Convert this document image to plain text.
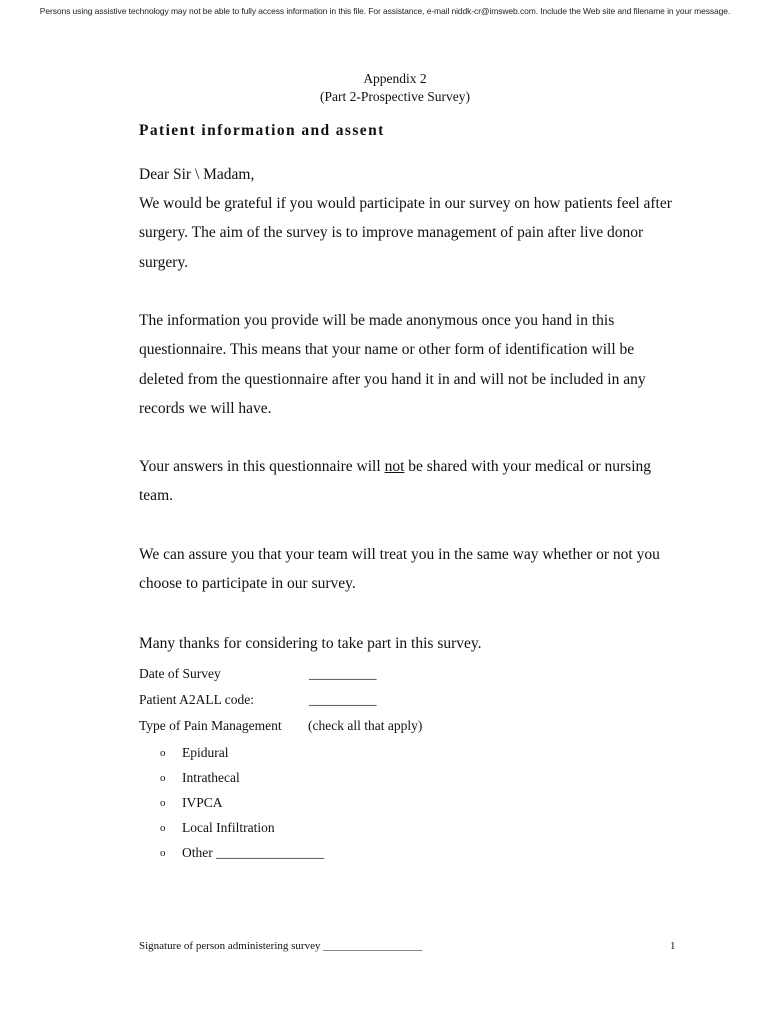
Persons using assistive technology may not be able to fully access information in this file. For assistance, e-mail niddk-cr@imsweb.com. Include the Web site and filename in your message.
Appendix 2
(Part 2-Prospective Survey)
Patient information and assent
Dear Sir \ Madam,
We would be grateful if you would participate in our survey on how patients feel after surgery. The aim of the survey is to improve management of pain after live donor surgery.
The information you provide will be made anonymous once you hand in this questionnaire. This means that your name or other form of identification will be deleted from the questionnaire after you hand it in and will not be included in any records we will have.
Your answers in this questionnaire will not be shared with your medical or nursing team.
We can assure you that your team will treat you in the same way whether or not you choose to participate in our survey.
Many thanks for considering to take part in this survey.
Date of Survey	__________
Patient A2ALL code:	__________
Type of Pain Management (check all that apply)
o	Epidural
o	Intrathecal
o	IVPCA
o	Local Infiltration
o	Other ________________
Signature of person administering survey __________________	1
